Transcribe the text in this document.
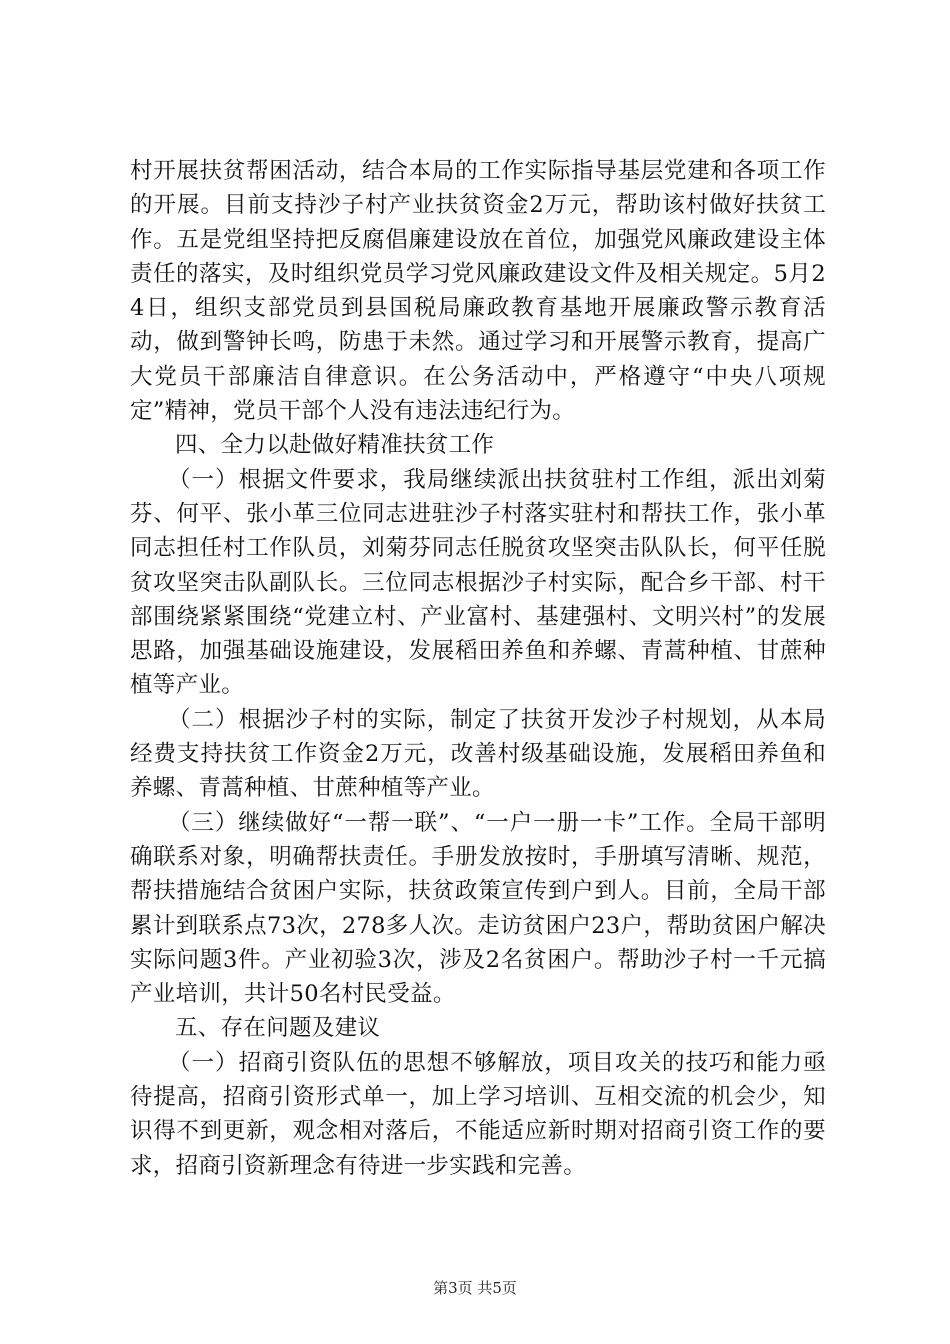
村开展扶贫帮困活动，结合本局的工作实际指导基层党建和各项工作的开展。目前支持沙子村产业扶贫资金2万元，帮助该村做好扶贫工作。五是党组坚持把反腐倡廉建设放在首位，加强党风廉政建设主体责任的落实，及时组织党员学习党风廉政建设文件及相关规定。5月24日，组织支部党员到县国税局廉政教育基地开展廉政警示教育活动，做到警钟长鸣，防患于未然。通过学习和开展警示教育，提高广大党员干部廉洁自律意识。在公务活动中，严格遵守“中央八项规定”精神，党员干部个人没有违法违纪行为。

四、全力以赴做好精准扶贫工作

（一）根据文件要求，我局继续派出扶贫驻村工作组，派出刘菊芬、何平、张小革三位同志进驻沙子村落实驻村和帮扶工作，张小革同志担任村工作队员，刘菊芬同志任脱贫攻坚突击队队长，何平任脱贫攻坚突击队副队长。三位同志根据沙子村实际，配合乡干部、村干部围绕紧紧围绕“党建立村、产业富村、基建强村、文明兴村”的发展思路，加强基础设施建设，发展稻田养鱼和养螺、青蒿种植、甘蔗种植等产业。

（二）根据沙子村的实际，制定了扶贫开发沙子村规划，从本局经费支持扶贫工作资金2万元，改善村级基础设施，发展稻田养鱼和养螺、青蒿种植、甘蔗种植等产业。

（三）继续做好“一帮一联”、“一户一册一卡”工作。全局干部明确联系对象，明确帮扶责任。手册发放按时，手册填写清晰、规范，帮扶措施结合贫困户实际，扶贫政策宣传到户到人。目前，全局干部累计到联系点73次，278多人次。走访贫困户23户，帮助贫困户解决实际问题3件。产业初验3次，涉及2名贫困户。帮助沙子村一千元搞产业培训，共计50名村民受益。

五、存在问题及建议

（一）招商引资队伍的思想不够解放，项目攻关的技巧和能力亟待提高，招商引资形式单一，加上学习培训、互相交流的机会少，知识得不到更新，观念相对落后，不能适应新时期对招商引资工作的要求，招商引资新理念有待进一步实践和完善。

第3页 共5页
